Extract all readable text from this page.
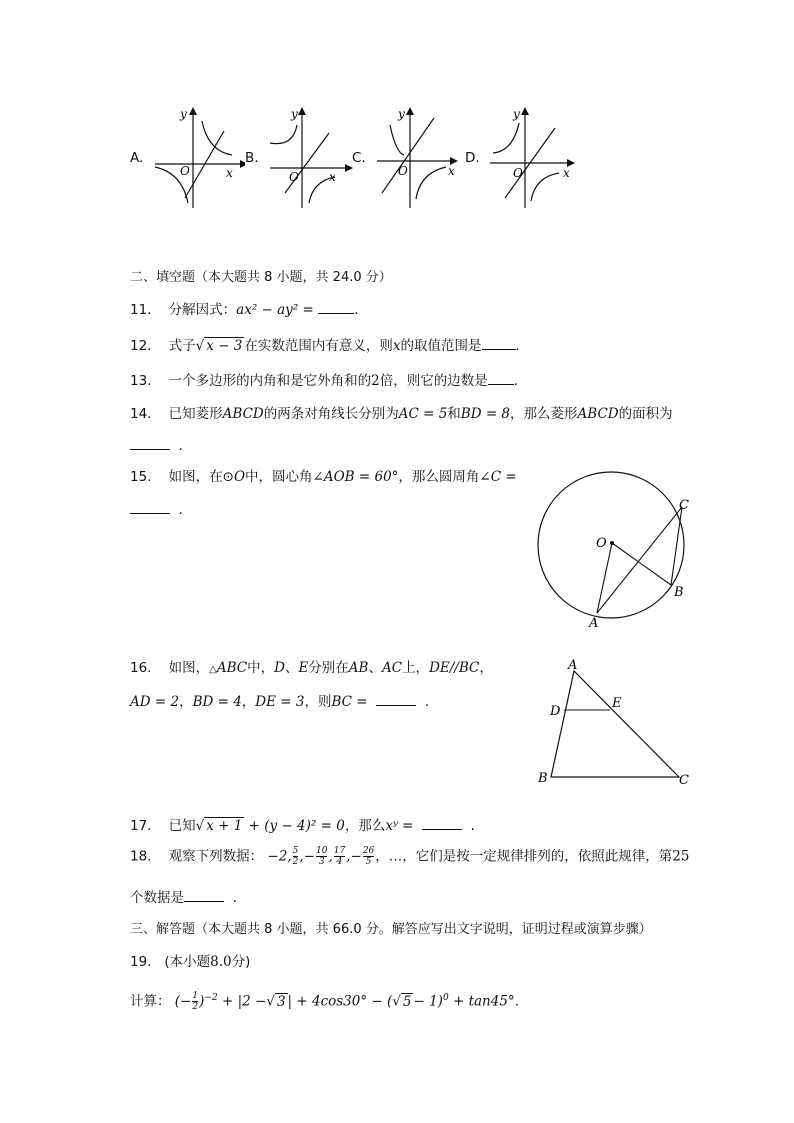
A.
y
x
O
B.
y
x
O
C.
y
x
O
D.
y
x
O
二、填空题（本大题共 8 小题，共 24.0 分）
11. 分解因式：ax² − ay² =	.
12. 式子√ x − 3 在实数范围内有意义，则x的取值范围是	.
13. 一个多边形的内角和是它外角和的2倍，则它的边数是 .
14. 已知菱形ABCD的两条对角线长分别为AC = 5和BD = 8，那么菱形ABCD的面积为
.
15. 如图，在⊙O中，圆心角∠AOB = 60°，那么圆周角∠C =
.
O
A
B
C
16. 如图，△ABC中，D、E分别在AB、AC上，DE//BC，
AD = 2，BD = 4，DE = 3，则BC =	.
A
B	C
D
E
17. 已知√ x + 1 + (y − 4)² = 0，那么xʸ =	.
18. 观察下列数据： −2, $\frac{5}{2}$ ,− $\frac{10}{3}$ , $\frac{17}{4}$ ,− $\frac{26}{5}$ ，…，它们是按一定规律排列的，依照此规律，第25
个数据是	.
三、解答题（本大题共 8 小题，共 66.0 分。解答应写出文字说明，证明过程或演算步骤）
19. (本小题8.0分)
计算： (− $\frac{1}{2} )^{-2} + |2$ −√ 3 | + 4cos30° − (√ 5 − 1)$^0$ + tan45°.
